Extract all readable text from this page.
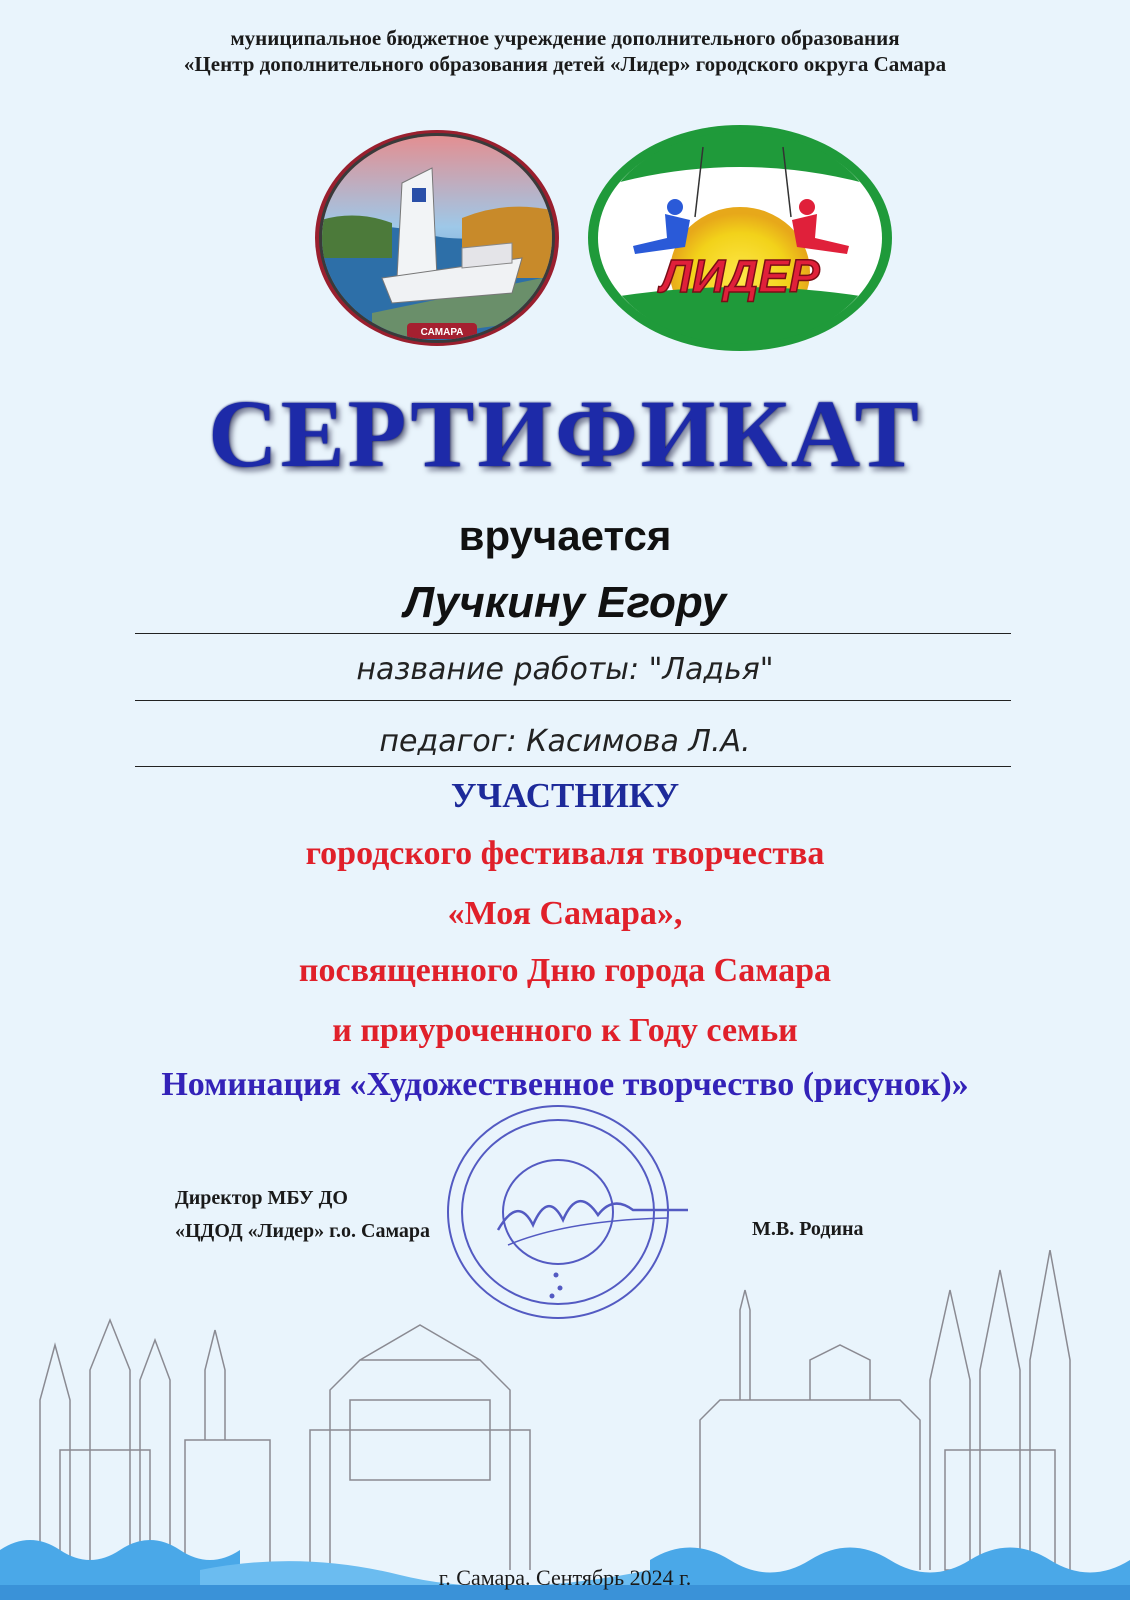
муниципальное бюджетное учреждение дополнительного образования
«Центр дополнительного образования детей «Лидер» городского округа Самара
САМАРА
ЛИДЕР
СЕРТИФИКАТ
вручается
Лучкину Егору
название работы: "Ладья"
педагог: Касимова Л.А.
УЧАСТНИКУ
городского фестиваля творчества
«Моя Самара»,
посвященного Дню города Самара
и приуроченного к Году семьи
Номинация «Художественное творчество (рисунок)»
Директор МБУ ДО
«ЦДОД «Лидер» г.о. Самара	М.В. Родина
г. Самара. Сентябрь 2024 г.
